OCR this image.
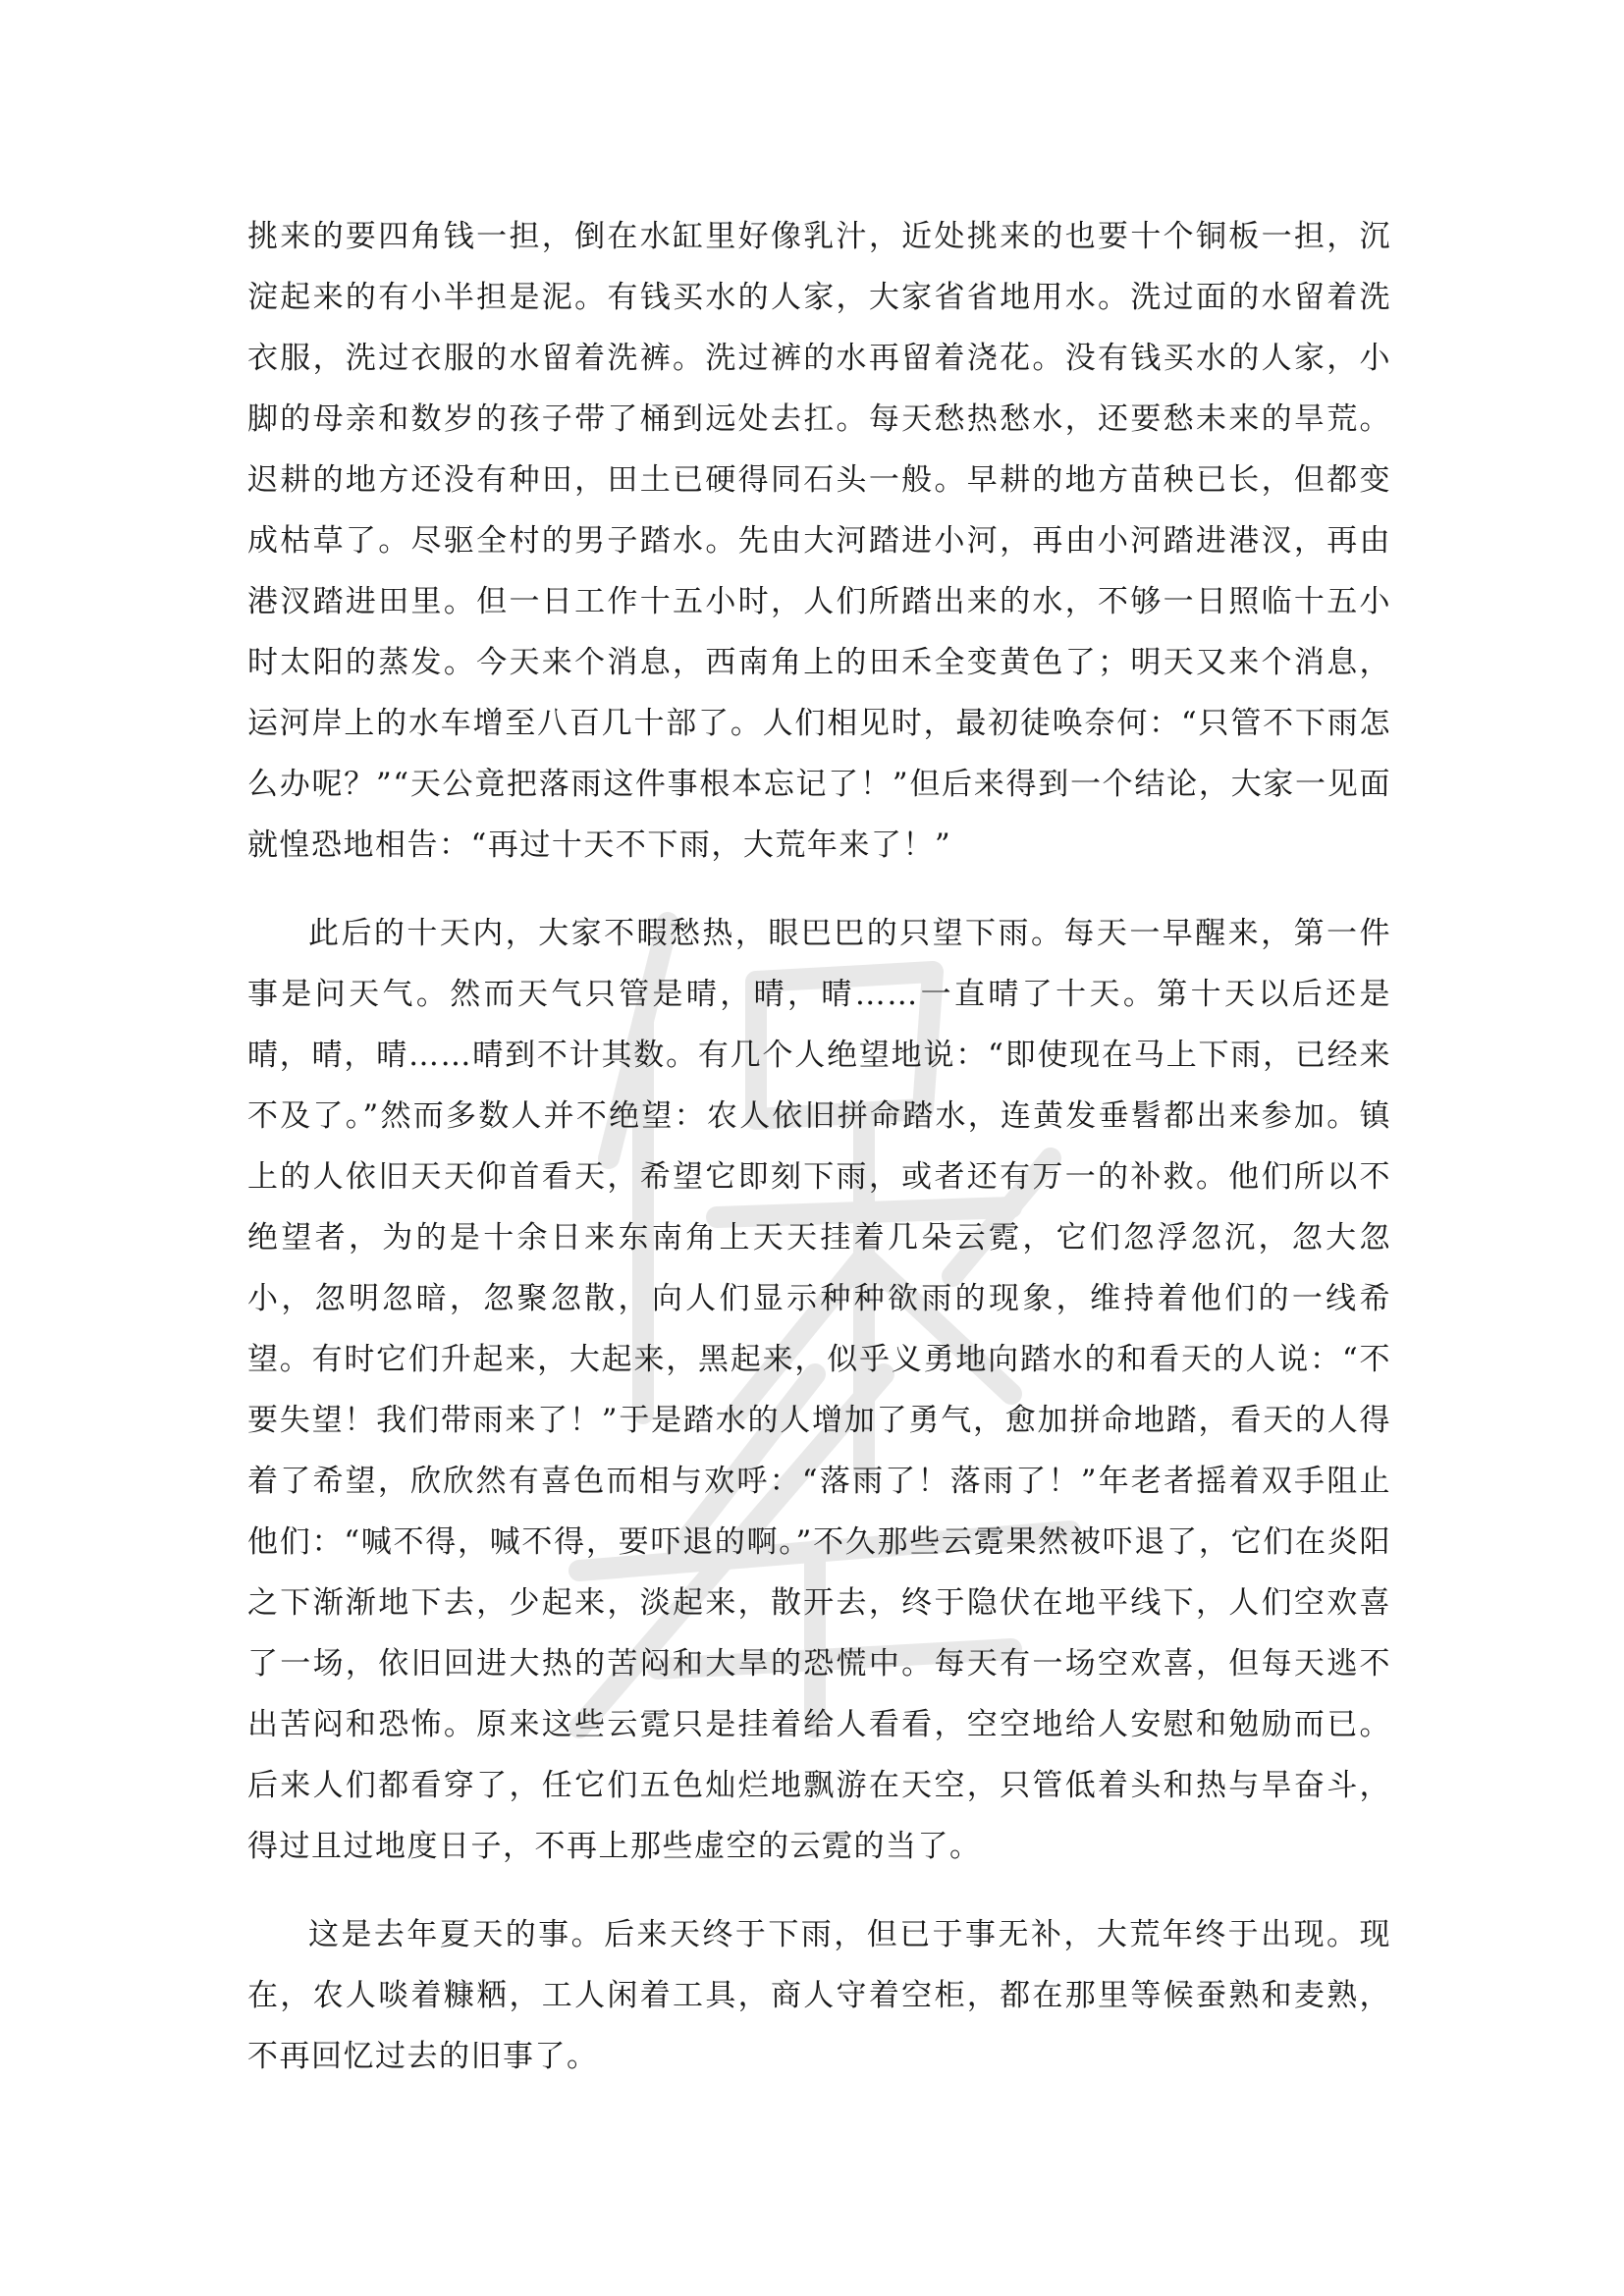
挑来的要四角钱一担，倒在水缸里好像乳汁，近处挑来的也要十个铜板一担，沉淀起来的有小半担是泥。有钱买水的人家，大家省省地用水。洗过面的水留着洗衣服，洗过衣服的水留着洗裤。洗过裤的水再留着浇花。没有钱买水的人家，小脚的母亲和数岁的孩子带了桶到远处去扛。每天愁热愁水，还要愁未来的旱荒。迟耕的地方还没有种田，田土已硬得同石头一般。早耕的地方苗秧已长，但都变成枯草了。尽驱全村的男子踏水。先由大河踏进小河，再由小河踏进港汊，再由港汊踏进田里。但一日工作十五小时，人们所踏出来的水，不够一日照临十五小时太阳的蒸发。今天来个消息，西南角上的田禾全变黄色了；明天又来个消息，运河岸上的水车增至八百几十部了。人们相见时，最初徒唤奈何：“只管不下雨怎么办呢？”“天公竟把落雨这件事根本忘记了！”但后来得到一个结论，大家一见面就惶恐地相告：“再过十天不下雨，大荒年来了！”

此后的十天内，大家不暇愁热，眼巴巴的只望下雨。每天一早醒来，第一件事是问天气。然而天气只管是晴，晴，晴……一直晴了十天。第十天以后还是晴，晴，晴……晴到不计其数。有几个人绝望地说：“即使现在马上下雨，已经来不及了。”然而多数人并不绝望：农人依旧拼命踏水，连黄发垂髫都出来参加。镇上的人依旧天天仰首看天，希望它即刻下雨，或者还有万一的补救。他们所以不绝望者，为的是十余日来东南角上天天挂着几朵云霓，它们忽浮忽沉，忽大忽小，忽明忽暗，忽聚忽散，向人们显示种种欲雨的现象，维持着他们的一线希望。有时它们升起来，大起来，黑起来，似乎义勇地向踏水的和看天的人说：“不要失望！我们带雨来了！”于是踏水的人增加了勇气，愈加拼命地踏，看天的人得着了希望，欣欣然有喜色而相与欢呼：“落雨了！落雨了！”年老者摇着双手阻止他们：“喊不得，喊不得，要吓退的啊。”不久那些云霓果然被吓退了，它们在炎阳之下渐渐地下去，少起来，淡起来，散开去，终于隐伏在地平线下，人们空欢喜了一场，依旧回进大热的苦闷和大旱的恐慌中。每天有一场空欢喜，但每天逃不出苦闷和恐怖。原来这些云霓只是挂着给人看看，空空地给人安慰和勉励而已。后来人们都看穿了，任它们五色灿烂地飘游在天空，只管低着头和热与旱奋斗，得过且过地度日子，不再上那些虚空的云霓的当了。

这是去年夏天的事。后来天终于下雨，但已于事无补，大荒年终于出现。现在，农人啖着糠粞，工人闲着工具，商人守着空柜，都在那里等候蚕熟和麦熟，不再回忆过去的旧事了。
